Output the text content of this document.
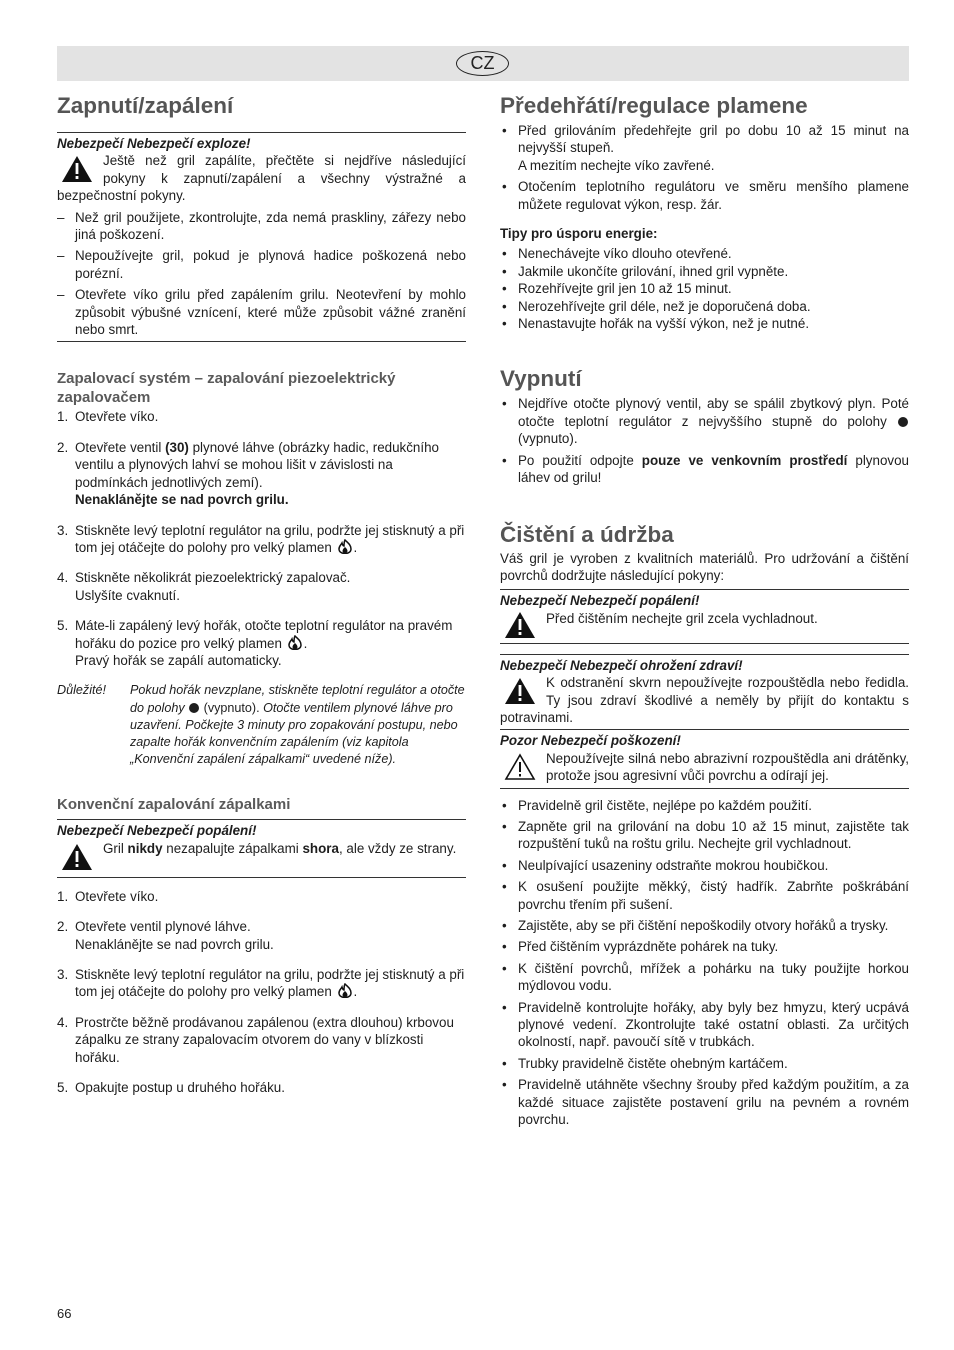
CZ
Zapnutí/zapálení
Nebezpečí Nebezpečí exploze!
Ještě než gril zapálíte, přečtěte si nejdříve následující pokyny k zapnutí/zapálení a všechny výstražné a bezpečnostní pokyny.
– Než gril použijete, zkontrolujte, zda nemá praskliny, zářezy nebo jiná poškození.
– Nepoužívejte gril, pokud je plynová hadice poškozená nebo porézní.
– Otevřete víko grilu před zapálením grilu. Neotevření by mohlo způsobit výbušné vznícení, které může způsobit vážné zranění nebo smrt.
Zapalovací systém – zapalování piezoelektrický zapalovačem
1. Otevřete víko.
2. Otevřete ventil (30) plynové láhve (obrázky hadic, redukčního ventilu a plynových lahví se mohou lišit v závislosti na podmínkách jednotlivých zemí).
Nenaklánějte se nad povrch grilu.
3. Stiskněte levý teplotní regulátor na grilu, podržte jej stisknutý a při tom jej otáčejte do polohy pro velký plamen .
4. Stiskněte několikrát piezoelektrický zapalovač.
Uslyšíte cvaknutí.
5. Máte-li zapálený levý hořák, otočte teplotní regulátor na pravém hořáku do pozice pro velký plamen .
Pravý hořák se zapálí automaticky.
Důležité! Pokud hořák nevzplane, stiskněte teplotní regulátor a otočte do polohy  (vypnuto). Otočte ventilem plynové láhve pro uzavření. Počkejte 3 minuty pro zopakování postupu, nebo zapalte hořák konvenčním zapálením (viz kapitola „Konvenční zapálení zápalkami“ uvedené níže).
Konvenční zapalování zápalkami
Nebezpečí Nebezpečí popálení!
Gril nikdy nezapalujte zápalkami shora, ale vždy ze strany.
1. Otevřete víko.
2. Otevřete ventil plynové láhve.
Nenaklánějte se nad povrch grilu.
3. Stiskněte levý teplotní regulátor na grilu, podržte jej stisknutý a při tom jej otáčejte do polohy pro velký plamen .
4. Prostrčte běžně prodávanou zapálenou (extra dlouhou) krbovou zápalku ze strany zapalovacím otvorem do vany v blízkosti hořáku.
5. Opakujte postup u druhého hořáku.
Předehřátí/regulace plamene
• Před grilováním předehřejte gril po dobu 10 až 15 minut na nejvyšší stupeň.
A mezitím nechejte víko zavřené.
• Otočením teplotního regulátoru ve směru menšího plamene můžete regulovat výkon, resp. žár.
Tipy pro úsporu energie:
• Nenechávejte víko dlouho otevřené.
• Jakmile ukončíte grilování, ihned gril vypněte.
• Rozehřívejte gril jen 10 až 15 minut.
• Nerozehřívejte gril déle, než je doporučená doba.
• Nenastavujte hořák na vyšší výkon, než je nutné.
Vypnutí
• Nejdříve otočte plynový ventil, aby se spálil zbytkový plyn. Poté otočte teplotní regulátor z nejvyššího stupně do polohy  (vypnuto).
• Po použití odpojte pouze ve venkovním prostředí plynovou láhev od grilu!
Čištění a údržba
Váš gril je vyroben z kvalitních materiálů. Pro udržování a čištění povrchů dodržujte následující pokyny:
Nebezpečí Nebezpečí popálení!
Před čištěním nechejte gril zcela vychladnout.
Nebezpečí Nebezpečí ohrožení zdraví!
K odstranění skvrn nepoužívejte rozpouštědla nebo ředidla. Ty jsou zdraví škodlivé a neměly by přijít do kontaktu s potravinami.
Pozor Nebezpečí poškození!
Nepoužívejte silná nebo abrazivní rozpouštědla ani drátěnky, protože jsou agresivní vůči povrchu a odírají jej.
• Pravidelně gril čistěte, nejlépe po každém použití.
• Zapněte gril na grilování na dobu 10 až 15 minut, zajistěte tak rozpuštění tuků na roštu grilu. Nechejte gril vychladnout.
• Neulpívající usazeniny odstraňte mokrou houbičkou.
• K osušení použijte měkký, čistý hadřík. Zabrňte poškrábání povrchu třením při sušení.
• Zajistěte, aby se při čištění nepoškodily otvory hořáků a trysky.
• Před čištěním vyprázdněte pohárek na tuky.
• K čištění povrchů, mřížek a pohárku na tuky použijte horkou mýdlovou vodu.
• Pravidelně kontrolujte hořáky, aby byly bez hmyzu, který ucpává plynové vedení. Zkontrolujte také ostatní oblasti. Za určitých okolností, např. pavoučí sítě v trubkách.
• Trubky pravidelně čistěte ohebným kartáčem.
• Pravidelně utáhněte všechny šrouby před každým použitím, a za každé situace zajistěte postavení grilu na pevném a rovném povrchu.
66
